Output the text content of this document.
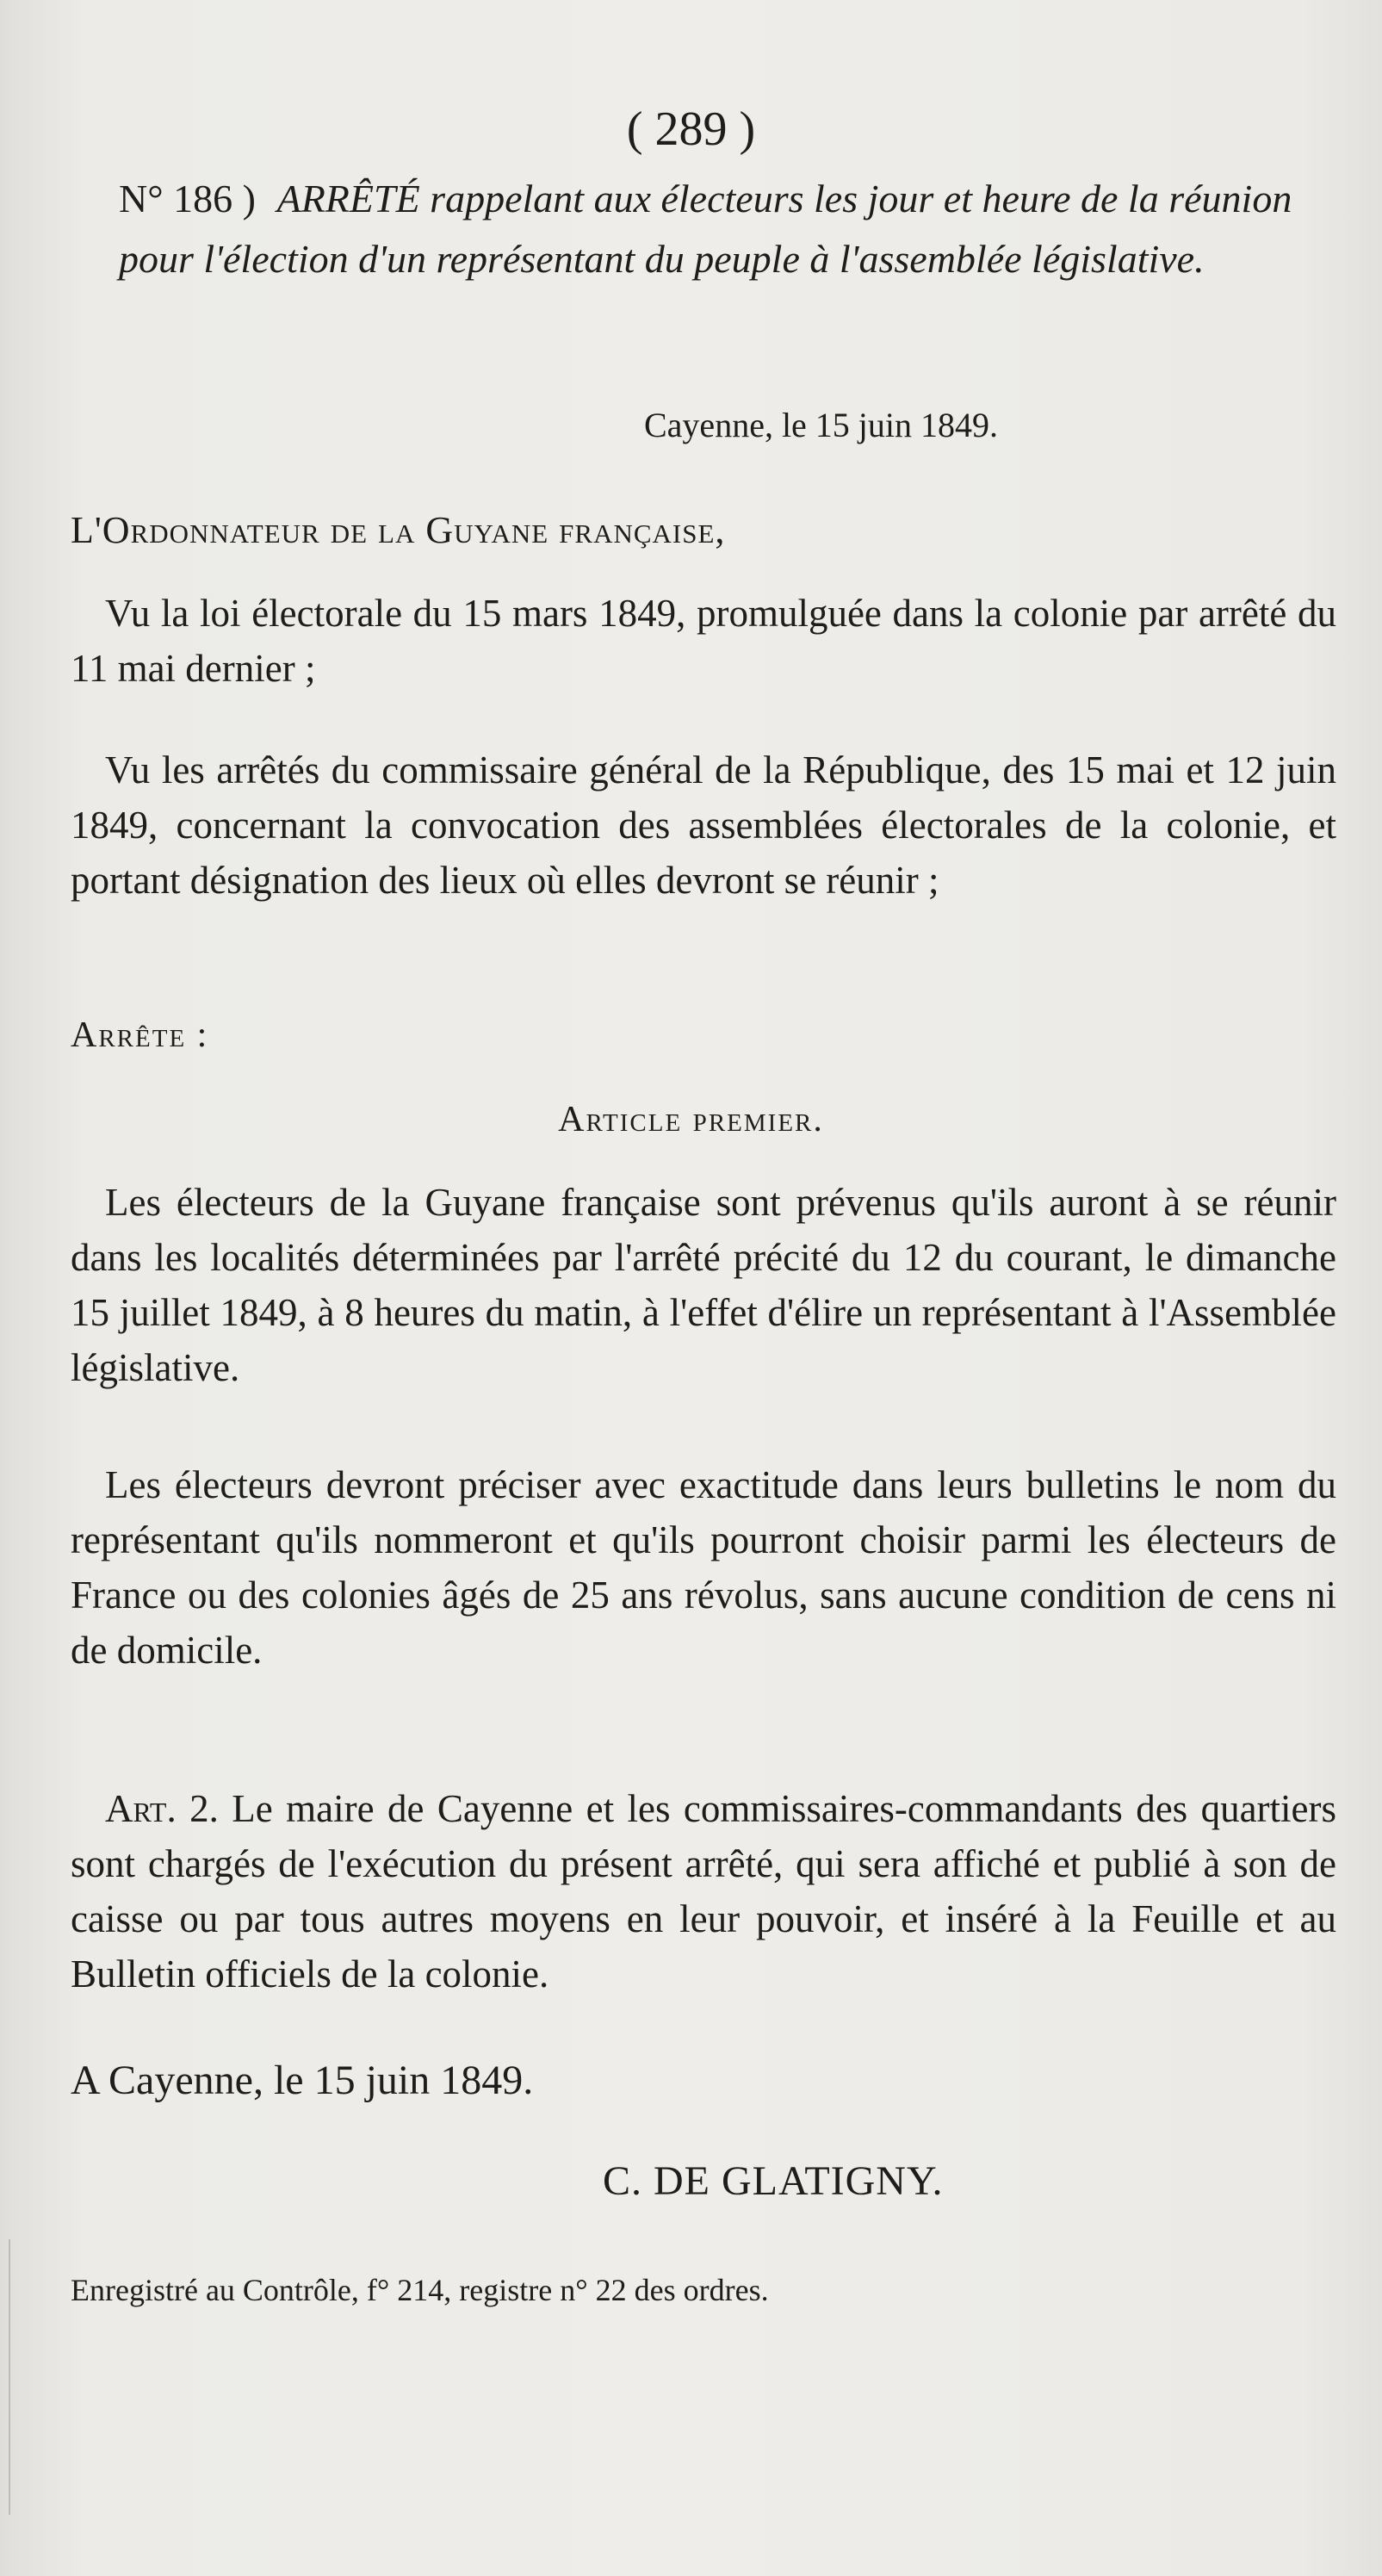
( 289 )
N° 186 ) ARRÊTÉ rappelant aux électeurs les jour et heure de la réunion pour l'élection d'un représentant du peuple à l'assemblée législative.
Cayenne, le 15 juin 1849.
L'Ordonnateur de la Guyane française,
Vu la loi électorale du 15 mars 1849, promulguée dans la colonie par arrêté du 11 mai dernier ;
Vu les arrêtés du commissaire général de la République, des 15 mai et 12 juin 1849, concernant la convocation des assemblées électorales de la colonie, et portant désignation des lieux où elles devront se réunir ;
Arrête :
Article premier.
Les électeurs de la Guyane française sont prévenus qu'ils auront à se réunir dans les localités déterminées par l'arrêté précité du 12 du courant, le dimanche 15 juillet 1849, à 8 heures du matin, à l'effet d'élire un représentant à l'Assemblée législative.
Les électeurs devront préciser avec exactitude dans leurs bulletins le nom du représentant qu'ils nommeront et qu'ils pourront choisir parmi les électeurs de France ou des colonies âgés de 25 ans révolus, sans aucune condition de cens ni de domicile.
Art. 2. Le maire de Cayenne et les commissaires-commandants des quartiers sont chargés de l'exécution du présent arrêté, qui sera affiché et publié à son de caisse ou par tous autres moyens en leur pouvoir, et inséré à la Feuille et au Bulletin officiels de la colonie.
A Cayenne, le 15 juin 1849.
C. DE GLATIGNY.
Enregistré au Contrôle, f° 214, registre n° 22 des ordres.
